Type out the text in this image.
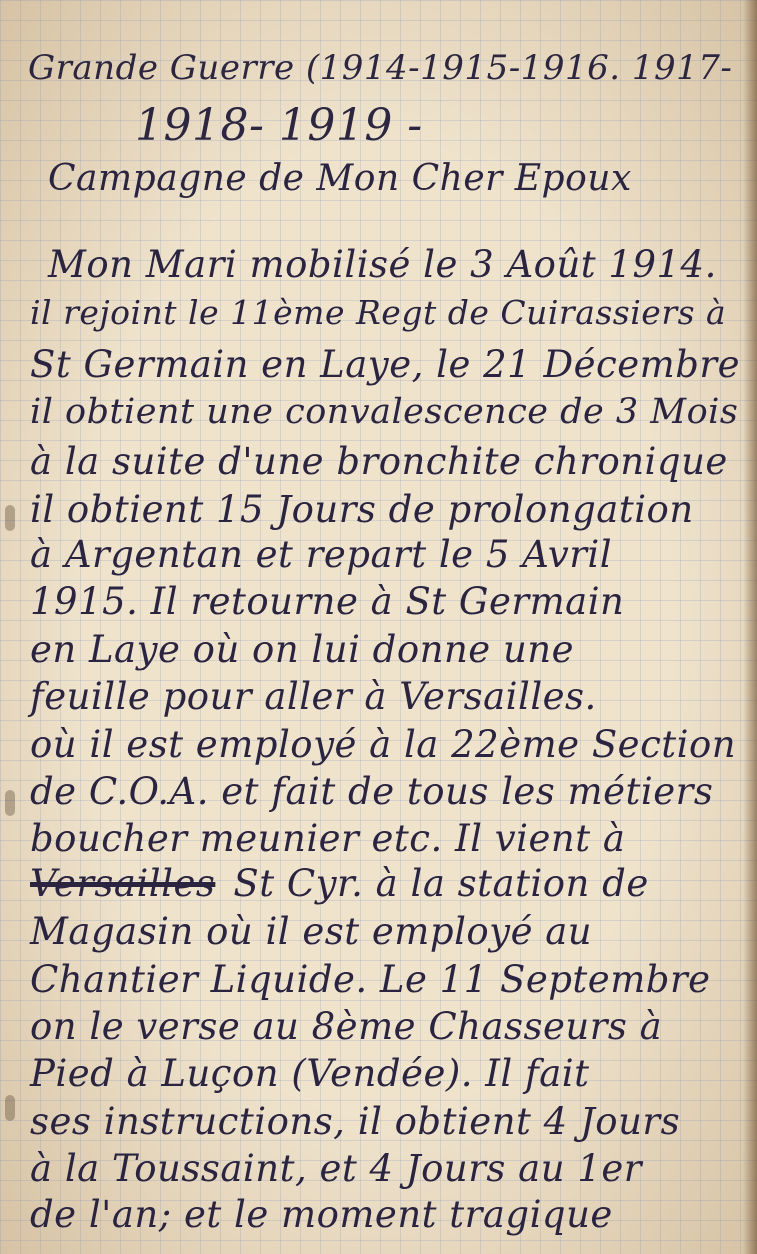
Grande Guerre (1914-1915-1916. 1917-
1918- 1919 -
Campagne de Mon Cher Epoux
Mon Mari mobilisé le 3 Août 1914.
il rejoint le 11ème Regt de Cuirassiers à
St Germain en Laye, le 21 Décembre
il obtient une convalescence de 3 Mois
à la suite d'une bronchite chronique
il obtient 15 Jours de prolongation
à Argentan et repart le 5 Avril
1915. Il retourne à St Germain
en Laye où on lui donne une
feuille pour aller à Versailles.
où il est employé à la 22ème Section
de C.O.A. et fait de tous les métiers
boucher meunier etc. Il vient à
Versailles St Cyr. à la station de
Magasin où il est employé au
Chantier Liquide. Le 11 Septembre
on le verse au 8ème Chasseurs à
Pied à Luçon (Vendée). Il fait
ses instructions, il obtient 4 Jours
à la Toussaint, et 4 Jours au 1er
de l'an; et le moment tragique
